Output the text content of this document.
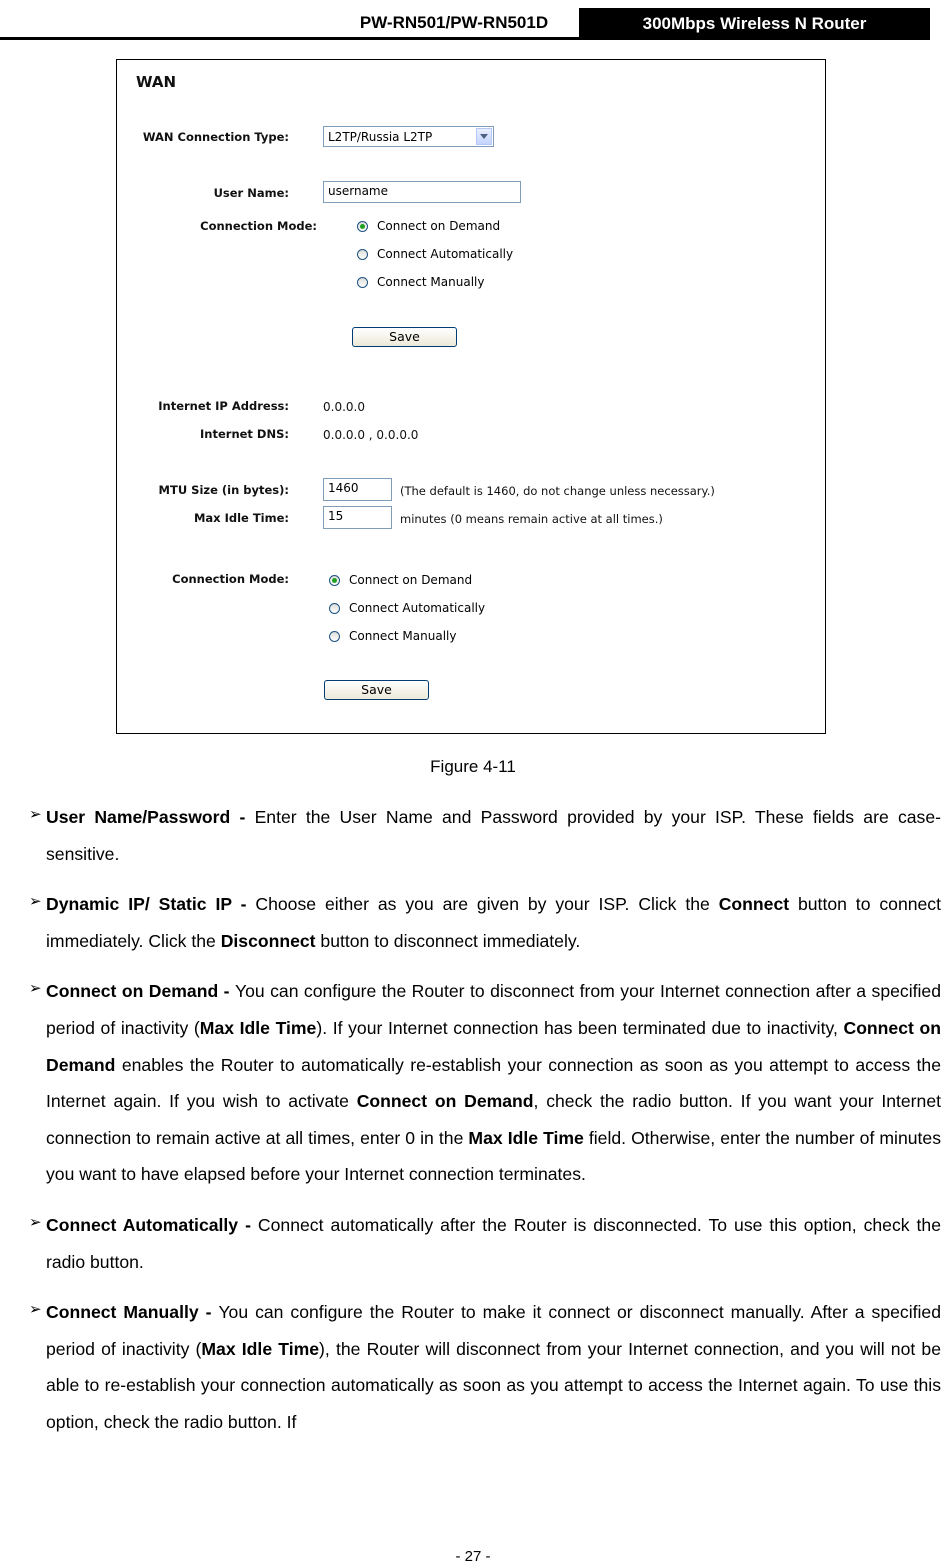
PW-RN501/PW-RN501D	300Mbps Wireless N Router
WAN
WAN Connection Type:	L2TP/Russia L2TP
User Name:	username
Connection Mode:	Connect on Demand
Connect Automatically
Connect Manually
Save
Internet IP Address:	0.0.0.0
Internet DNS:	0.0.0.0 , 0.0.0.0
MTU Size (in bytes):	1460	(The default is 1460, do not change unless necessary.)
Max Idle Time:	15	minutes (0 means remain active at all times.)
Connection Mode:	Connect on Demand
Connect Automatically
Connect Manually
Save
Figure 4-11
➢ User Name/Password - Enter the User Name and Password provided by your ISP. These fields are case-sensitive.
➢ Dynamic IP/ Static IP - Choose either as you are given by your ISP. Click the Connect button to connect immediately. Click the Disconnect button to disconnect immediately.
➢ Connect on Demand - You can configure the Router to disconnect from your Internet connection after a specified period of inactivity (Max Idle Time). If your Internet connection has been terminated due to inactivity, Connect on Demand enables the Router to automatically re-establish your connection as soon as you attempt to access the Internet again. If you wish to activate Connect on Demand, check the radio button. If you want your Internet connection to remain active at all times, enter 0 in the Max Idle Time field. Otherwise, enter the number of minutes you want to have elapsed before your Internet connection terminates.
➢ Connect Automatically - Connect automatically after the Router is disconnected. To use this option, check the radio button.
➢ Connect Manually - You can configure the Router to make it connect or disconnect manually. After a specified period of inactivity (Max Idle Time), the Router will disconnect from your Internet connection, and you will not be able to re-establish your connection automatically as soon as you attempt to access the Internet again. To use this option, check the radio button. If
- 27 -
